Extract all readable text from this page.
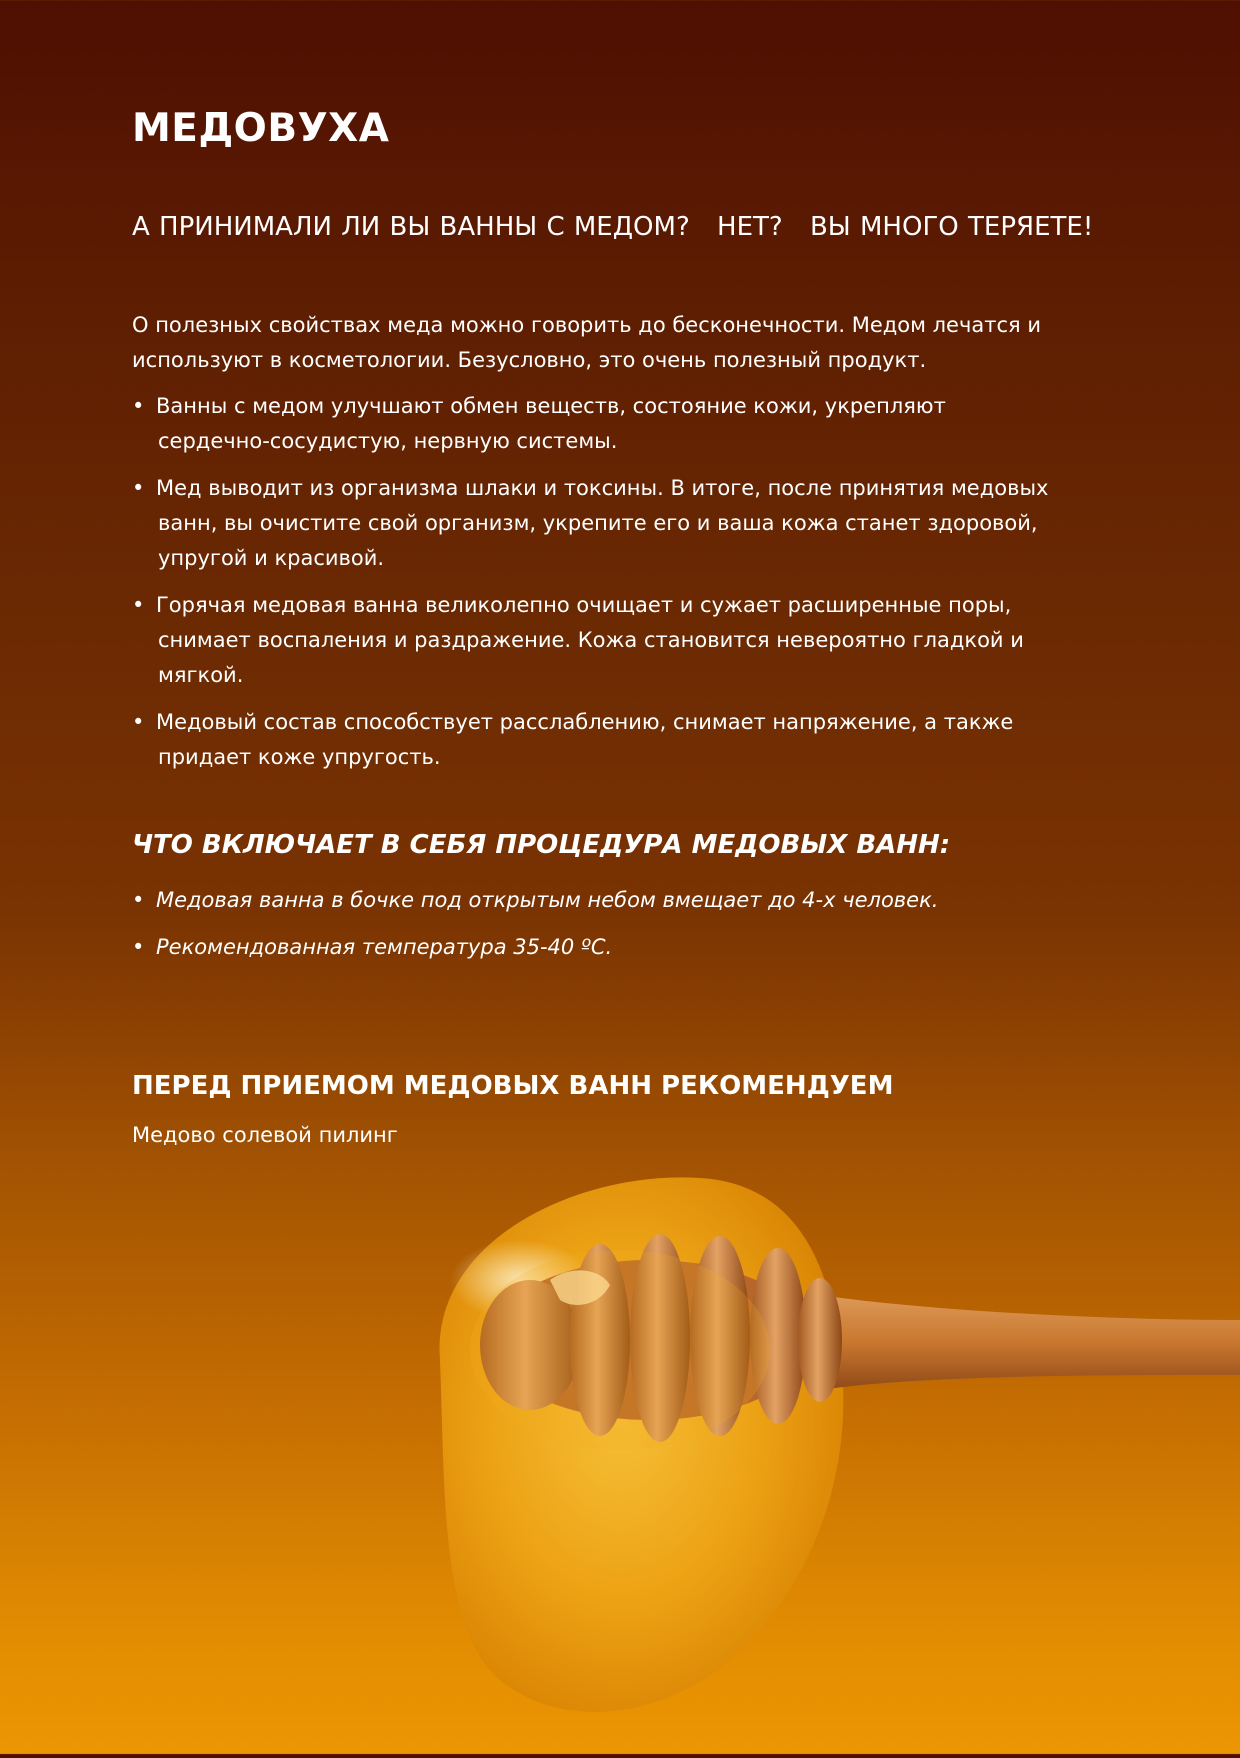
МЕДОВУХА

А ПРИНИМАЛИ ЛИ ВЫ ВАННЫ С МЕДОМ? НЕТ? ВЫ МНОГО ТЕРЯЕТЕ!

О полезных свойствах меда можно говорить до бесконечности. Медом лечатся и используют в косметологии. Безусловно, это очень полезный продукт.

• Ванны с медом улучшают обмен веществ, состояние кожи, укрепляют
сердечно-сосудистую, нервную системы.
• Мед выводит из организма шлаки и токсины. В итоге, после принятия медовых
ванн, вы очистите свой организм, укрепите его и ваша кожа станет здоровой,
упругой и красивой.
• Горячая медовая ванна великолепно очищает и сужает расширенные поры,
снимает воспаления и раздражение. Кожа становится невероятно гладкой и
мягкой.
• Медовый состав способствует расслаблению, снимает напряжение, а также
придает коже упругость.
ЧТО ВКЛЮЧАЕТ В СЕБЯ ПРОЦЕДУРА МЕДОВЫХ ВАНН:
• Медовая ванна в бочке под открытым небом вмещает до 4-х человек.
• Рекомендованная температура 35-40 ºС.
ПЕРЕД ПРИЕМОМ МЕДОВЫХ ВАНН РЕКОМЕНДУЕМ

Медово солевой пилинг
